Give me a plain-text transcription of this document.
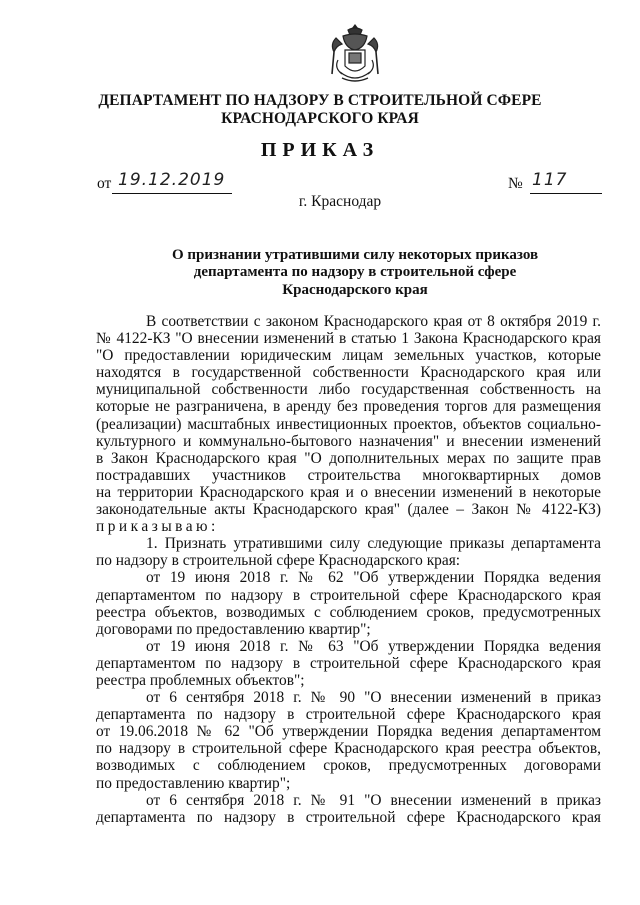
ДЕПАРТАМЕНТ ПО НАДЗОРУ В СТРОИТЕЛЬНОЙ СФЕРЕ
КРАСНОДАРСКОГО КРАЯ
ПРИКАЗ
от 19.12.2019	№ 117
г. Краснодар
О признании утратившими силу некоторых приказов
департамента по надзору в строительной сфере
Краснодарского края
В соответствии с законом Краснодарского края от 8 октября 2019 г.
№ 4122-КЗ "О внесении изменений в статью 1 Закона Краснодарского края
"О предоставлении юридическим лицам земельных участков, которые
находятся в государственной собственности Краснодарского края или
муниципальной собственности либо государственная собственность на
которые не разграничена, в аренду без проведения торгов для размещения
(реализации) масштабных инвестиционных проектов, объектов социально-
культурного и коммунально-бытового назначения" и внесении изменений
в Закон Краснодарского края "О дополнительных мерах по защите прав
пострадавших участников строительства многоквартирных домов
на территории Краснодарского края и о внесении изменений в некоторые
законодательные акты Краснодарского края" (далее – Закон № 4122-КЗ)
приказываю:
1. Признать утратившими силу следующие приказы департамента
по надзору в строительной сфере Краснодарского края:
от 19 июня 2018 г. № 62 "Об утверждении Порядка ведения
департаментом по надзору в строительной сфере Краснодарского края
реестра объектов, возводимых с соблюдением сроков, предусмотренных
договорами по предоставлению квартир";
от 19 июня 2018 г. № 63 "Об утверждении Порядка ведения
департаментом по надзору в строительной сфере Краснодарского края
реестра проблемных объектов";
от 6 сентября 2018 г. № 90 "О внесении изменений в приказ
департамента по надзору в строительной сфере Краснодарского края
от 19.06.2018 № 62 "Об утверждении Порядка ведения департаментом
по надзору в строительной сфере Краснодарского края реестра объектов,
возводимых с соблюдением сроков, предусмотренных договорами
по предоставлению квартир";
от 6 сентября 2018 г. № 91 "О внесении изменений в приказ
департамента по надзору в строительной сфере Краснодарского края
